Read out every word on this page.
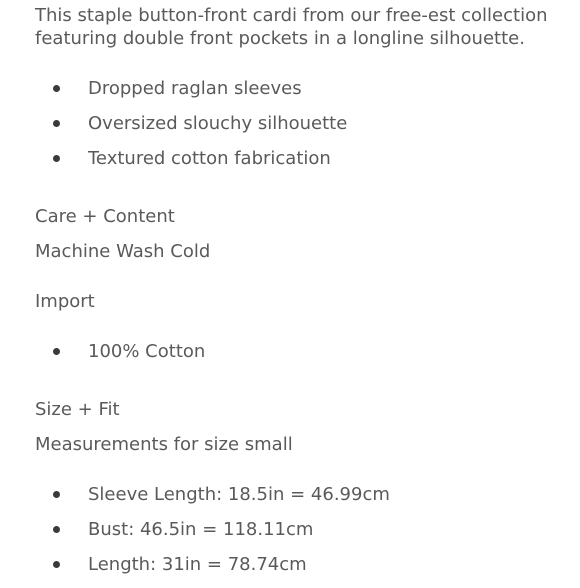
This staple button-front cardi from our free-est collection
featuring double front pockets in a longline silhouette.
Dropped raglan sleeves
Oversized slouchy silhouette
Textured cotton fabrication
Care + Content
Machine Wash Cold
Import
100% Cotton
Size + Fit
Measurements for size small
Sleeve Length: 18.5in = 46.99cm
Bust: 46.5in = 118.11cm
Length: 31in = 78.74cm
